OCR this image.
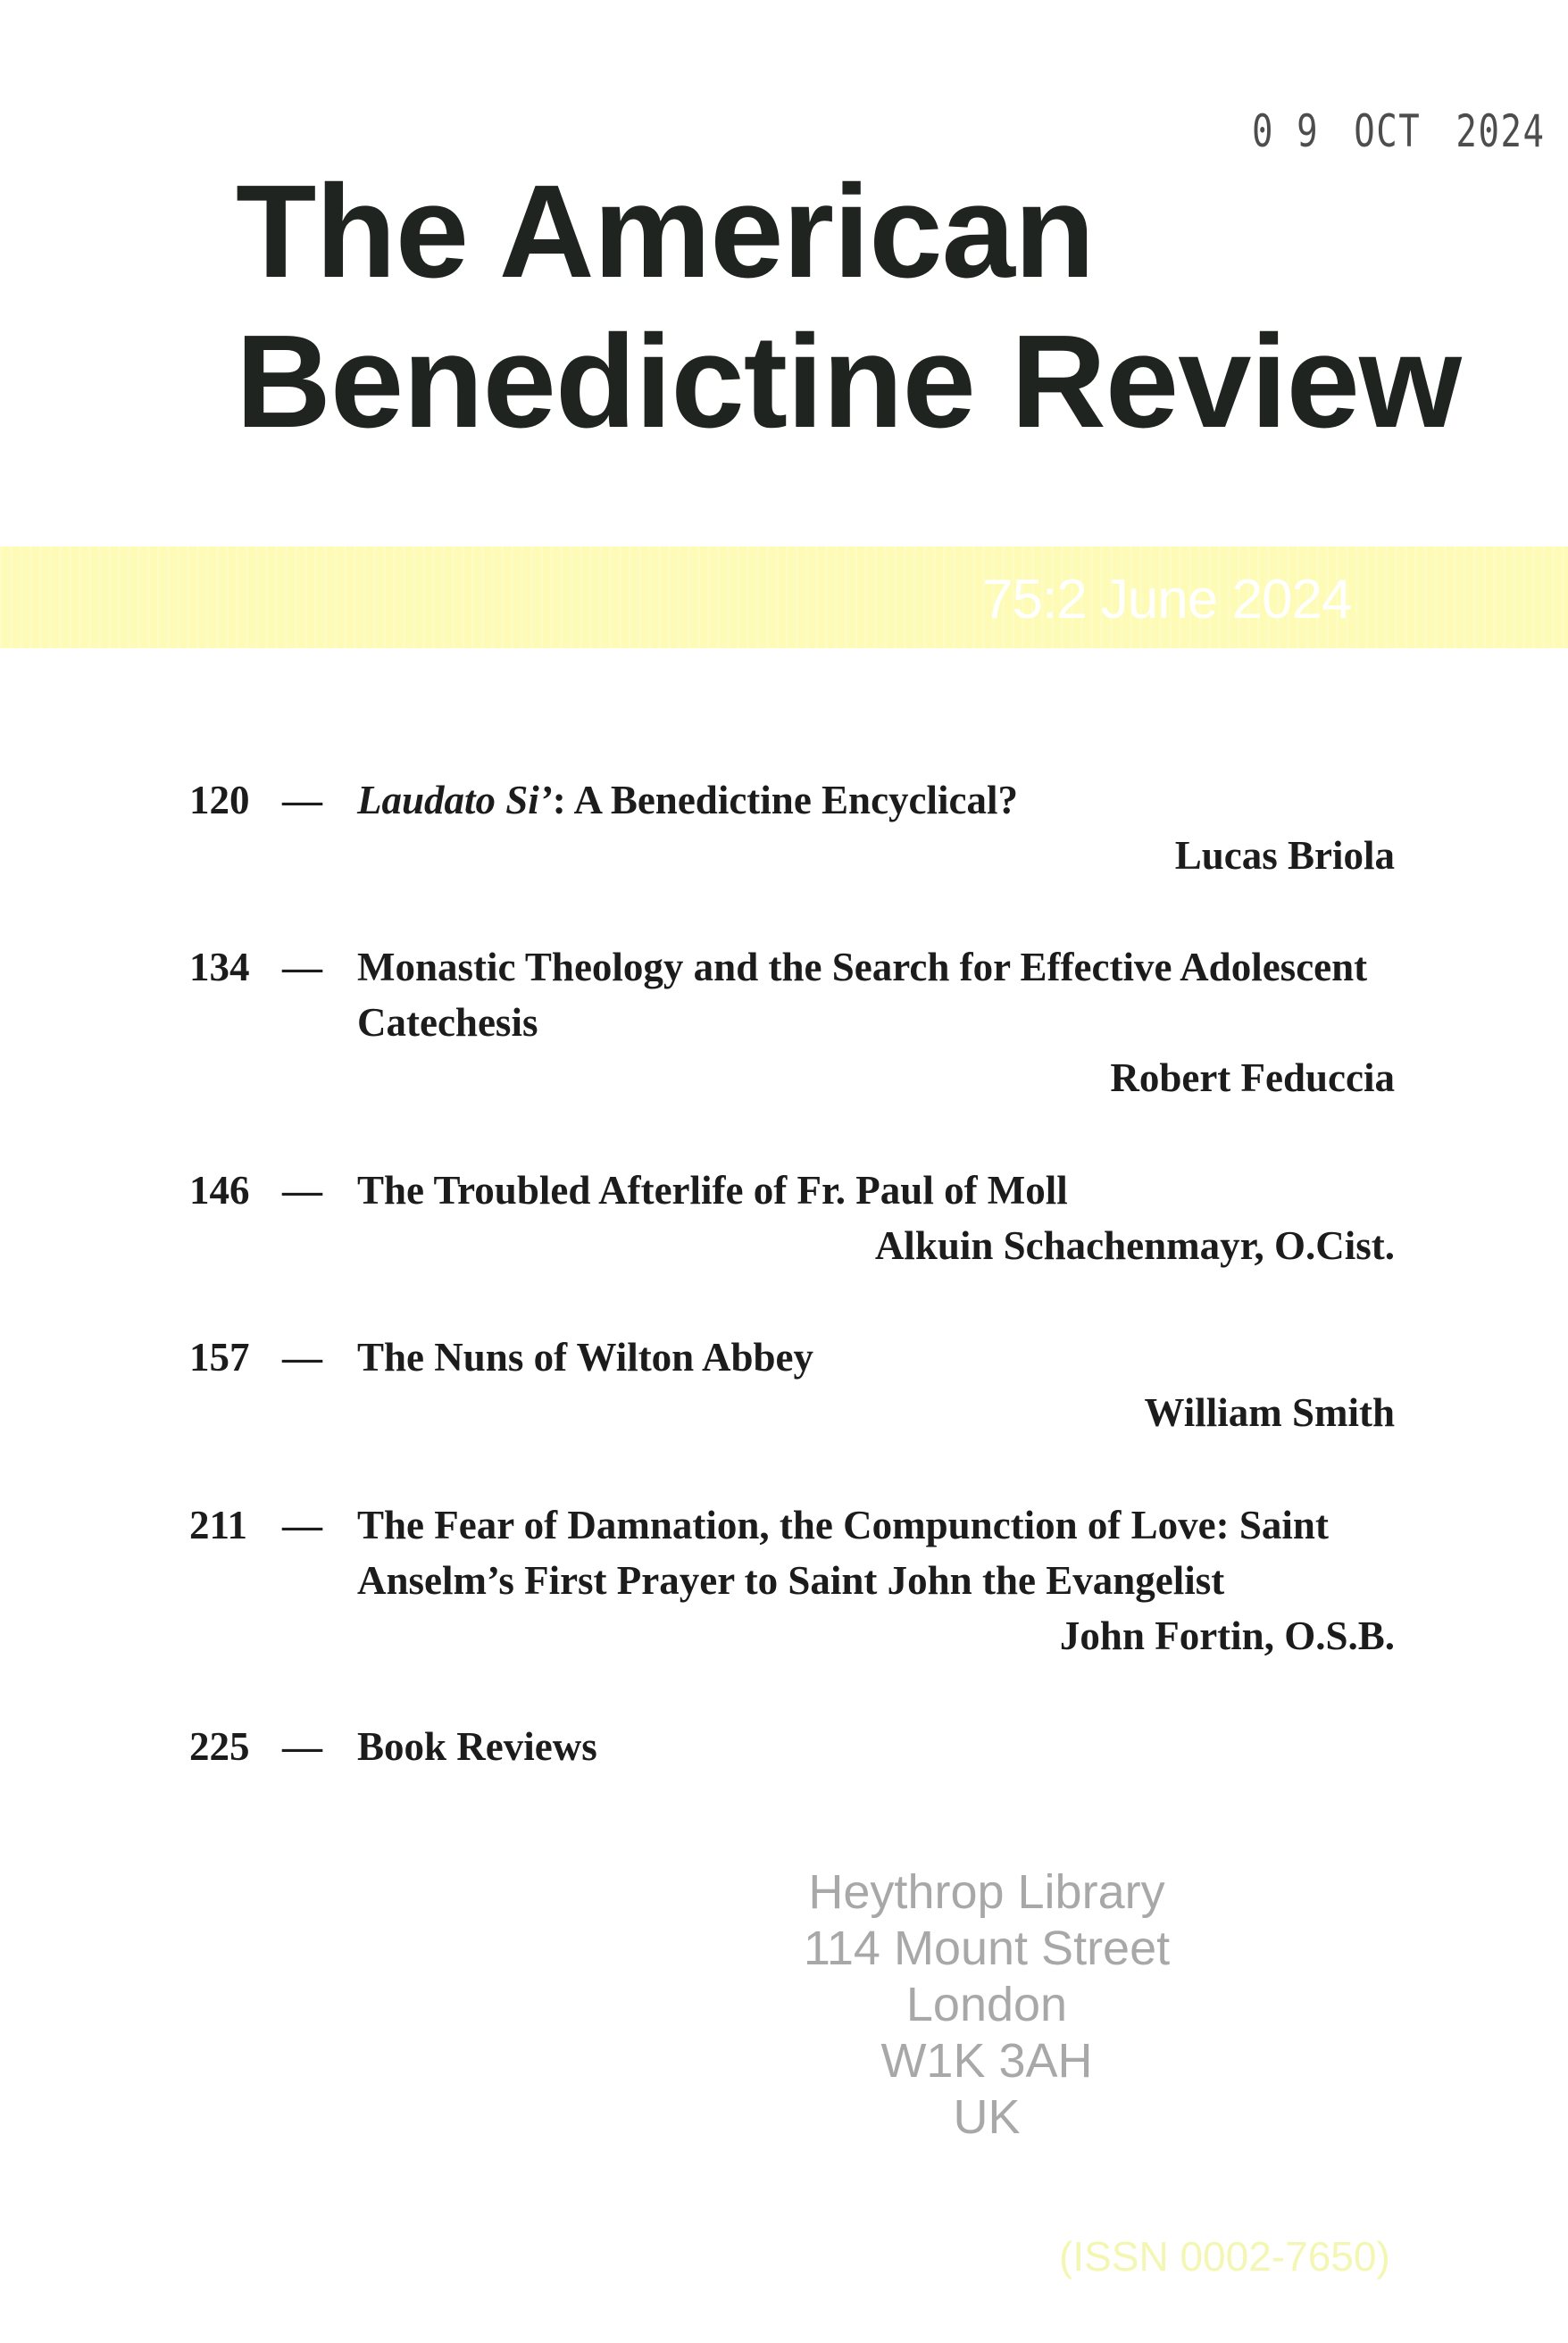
0 9 OCT 2024
The American
Benedictine Review
75:2 June 2024
120 — Laudato Si’: A Benedictine Encyclical?
Lucas Briola
134 — Monastic Theology and the Search for Effective Adolescent
Catechesis
Robert Feduccia
146 — The Troubled Afterlife of Fr. Paul of Moll
Alkuin Schachenmayr, O.Cist.
157 — The Nuns of Wilton Abbey
William Smith
211 — The Fear of Damnation, the Compunction of Love: Saint
Anselm’s First Prayer to Saint John the Evangelist
John Fortin, O.S.B.
225 — Book Reviews
Heythrop Library
114 Mount Street
London
W1K 3AH
UK
(ISSN 0002-7650)
